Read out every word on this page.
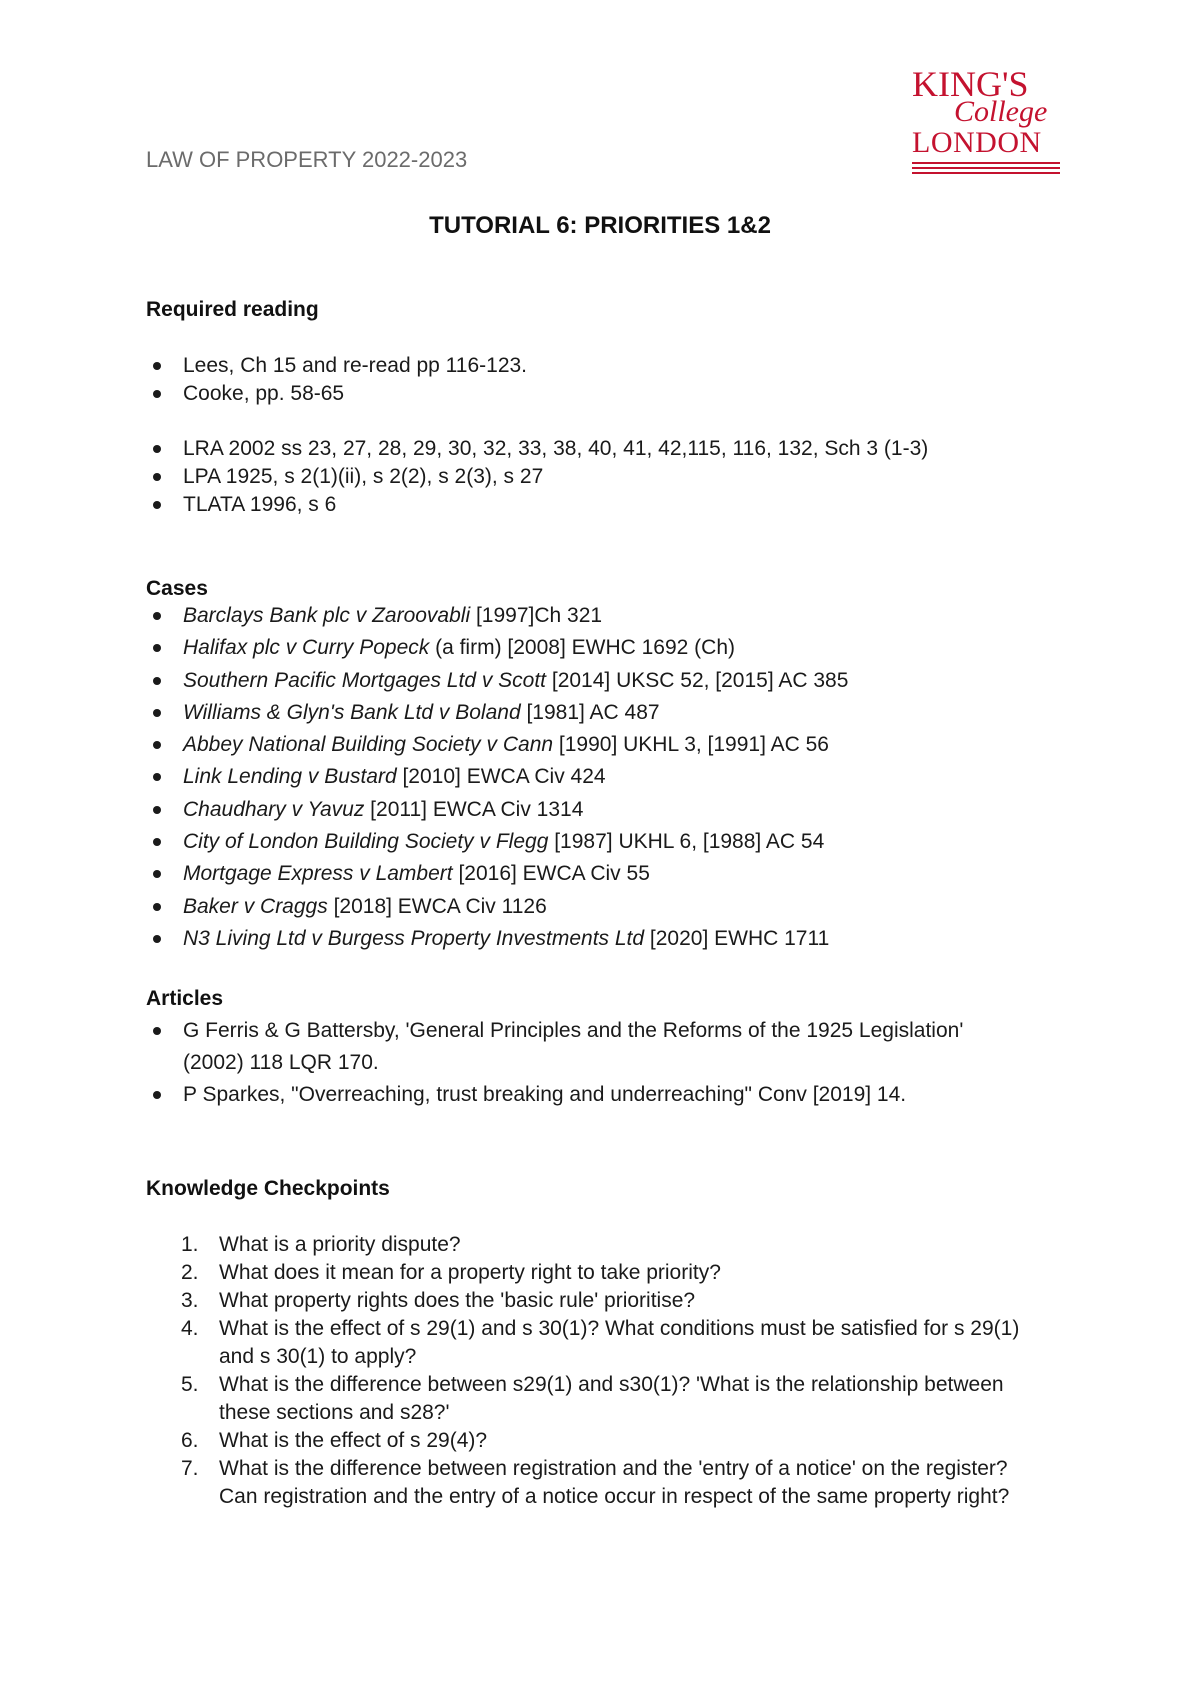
KING'S
College
LONDON
LAW OF PROPERTY 2022-2023
TUTORIAL 6: PRIORITIES 1&2
Required reading
Lees, Ch 15 and re-read pp 116-123.
Cooke, pp. 58-65
LRA 2002 ss 23, 27, 28, 29, 30, 32, 33, 38, 40, 41, 42,115, 116, 132, Sch 3 (1-3)
LPA 1925, s 2(1)(ii), s 2(2), s 2(3), s 27
TLATA 1996, s 6
Cases
Barclays Bank plc v Zaroovabli [1997]Ch 321
Halifax plc v Curry Popeck (a firm) [2008] EWHC 1692 (Ch)
Southern Pacific Mortgages Ltd v Scott [2014] UKSC 52, [2015] AC 385
Williams & Glyn's Bank Ltd v Boland [1981] AC 487
Abbey National Building Society v Cann [1990] UKHL 3, [1991] AC 56
Link Lending v Bustard [2010] EWCA Civ 424
Chaudhary v Yavuz [2011] EWCA Civ 1314
City of London Building Society v Flegg [1987] UKHL 6, [1988] AC 54
Mortgage Express v Lambert [2016] EWCA Civ 55
Baker v Craggs [2018] EWCA Civ 1126
N3 Living Ltd v Burgess Property Investments Ltd [2020] EWHC 1711
Articles
G Ferris & G Battersby, 'General Principles and the Reforms of the 1925 Legislation' (2002) 118 LQR 170.
P Sparkes, "Overreaching, trust breaking and underreaching" Conv [2019] 14.
Knowledge Checkpoints
1. What is a priority dispute?
2. What does it mean for a property right to take priority?
3. What property rights does the 'basic rule' prioritise?
4. What is the effect of s 29(1) and s 30(1)? What conditions must be satisfied for s 29(1) and s 30(1) to apply?
5. What is the difference between s29(1) and s30(1)? 'What is the relationship between these sections and s28?'
6. What is the effect of s 29(4)?
7. What is the difference between registration and the 'entry of a notice' on the register? Can registration and the entry of a notice occur in respect of the same property right?
